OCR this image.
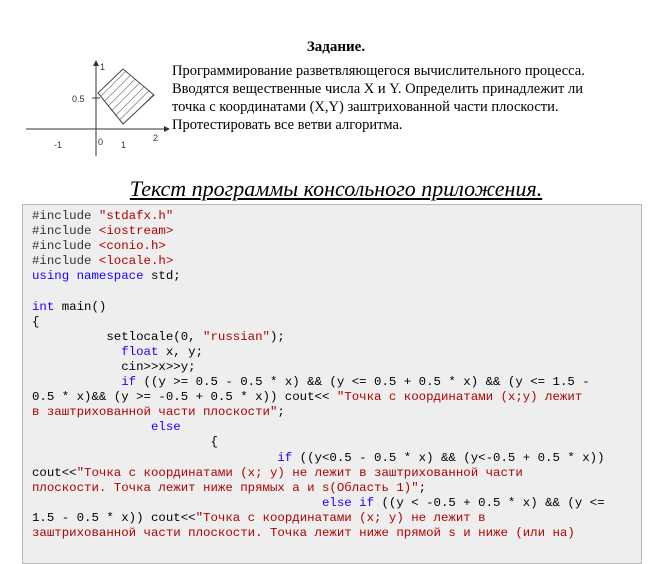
Задание.
0.5
1
-1	0 1
2
Программирование разветвляющегося вычислительного процесса.
Вводятся вещественные числа X и Y. Определить принадлежит ли
точка с координатами (X,Y) заштрихованной части плоскости.
Протестировать все ветви алгоритма.
Текст программы консольного приложения.
#include "stdafx.h"
#include <iostream>
#include <conio.h>
#include <locale.h>
using namespace std;

int main()
{
setlocale(0, "russian");
float x, y;
cin>>x>>y;
if ((y >= 0.5 - 0.5 * x) && (y <= 0.5 + 0.5 * x) && (y <= 1.5 -
0.5 * x)&& (y >= -0.5 + 0.5 * x)) cout<< "Точка с координатами (x;y) лежит
в заштрихованной части плоскости";
else
{
if ((y<0.5 - 0.5 * x) && (y<-0.5 + 0.5 * x))
cout<<"Точка с координатами (x; y) не лежит в заштрихованной части
плоскости. Точка лежит ниже прямых a и s(Область 1)";
else if ((y < -0.5 + 0.5 * x) && (y <=
1.5 - 0.5 * x)) cout<<"Точка с координатами (x; y) не лежит в
заштрихованной части плоскости. Точка лежит ниже прямой s и ниже (или на)
